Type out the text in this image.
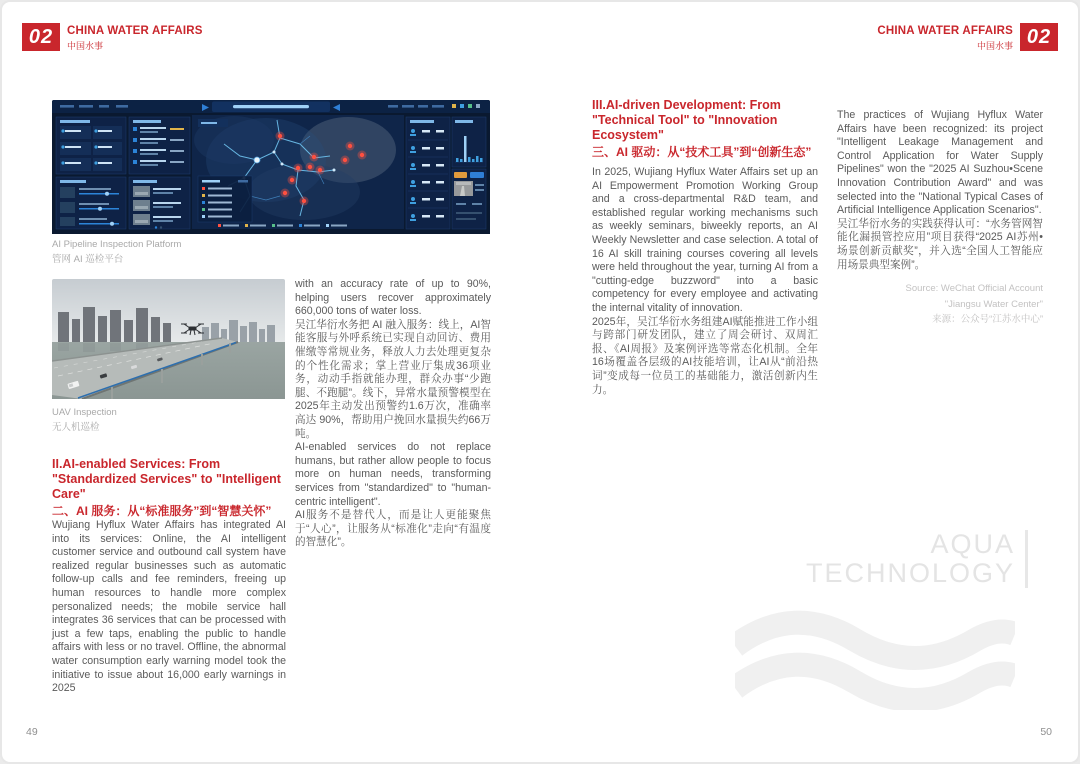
02	CHINA WATER AFFAIRS
中国水事	02
CHINA WATER AFFAIRS
中国水事
AI Pipeline Inspection Platform
管网 AI 巡检平台
UAV Inspection
无人机巡检
II.AI-enabled Services: From "Standardized Services" to "Intelligent Care"
二、AI 服务：从“标准服务”到“智慧关怀”

Wujiang Hyflux Water Affairs has integrated AI into its services: Online, the AI intelligent customer service and outbound call system have realized regular businesses such as automatic follow-up calls and fee reminders, freeing up human resources to handle more complex personalized needs; the mobile service hall integrates 36 services that can be processed with just a few taps, enabling the public to handle affairs with less or no travel. Offline, the abnormal water consumption early warning model took the initiative to issue about 16,000 early warnings in 2025

with an accuracy rate of up to 90%, helping users recover approximately 660,000 tons of water loss.

吴江华衍水务把 AI 融入服务：线上，AI智能客服与外呼系统已实现自动回访、费用催缴等常规业务，释放人力去处理更复杂的个性化需求；掌上营业厅集成36项业务，动动手指就能办理，群众办事“少跑腿、不跑腿”。线下，异常水量预警模型在2025年主动发出预警约1.6万次，准确率高达 90%，帮助用户挽回水量损失约66万吨。

AI-enabled services do not replace humans, but rather allow people to focus more on human needs, transforming services from "standardized" to "human-centric intelligent".

AI服务不是替代人，而是让人更能聚焦于“人心”，让服务从“标准化”走向“有温度的智慧化”。

III.AI-driven Development: From "Technical Tool" to "Innovation Ecosystem"
三、AI 驱动：从“技术工具”到“创新生态”

In 2025, Wujiang Hyflux Water Affairs set up an AI Empowerment Promotion Working Group and a cross-departmental R&D team, and established regular working mechanisms such as weekly seminars, biweekly reports, an AI Weekly Newsletter and case selection. A total of 16 AI skill training courses covering all levels were held throughout the year, turning AI from a "cutting-edge buzzword" into a basic competency for every employee and activating the internal vitality of innovation.

2025年，吴江华衍水务组建AI赋能推进工作小组与跨部门研发团队，建立了周会研讨、双周汇报、《AI周报》及案例评选等常态化机制。全年16场覆盖各层级的AI技能培训，让AI从“前沿热词”变成每一位员工的基础能力，激活创新内生力。

The practices of Wujiang Hyflux Water Affairs have been recognized: its project "Intelligent Leakage Management and Control Application for Water Supply Pipelines" won the "2025 AI Suzhou•Scene Innovation Contribution Award" and was selected into the "National Typical Cases of Artificial Intelligence Application Scenarios".

吴江华衍水务的实践获得认可：“水务管网智能化漏损管控应用”项目获得“2025 AI苏州•场景创新贡献奖”，并入选“全国人工智能应用场景典型案例”。

Source: WeChat Official Account
"Jiangsu Water Center"
来源：公众号“江苏水中心”
AQUA
TECHNOLOGY
49	50
